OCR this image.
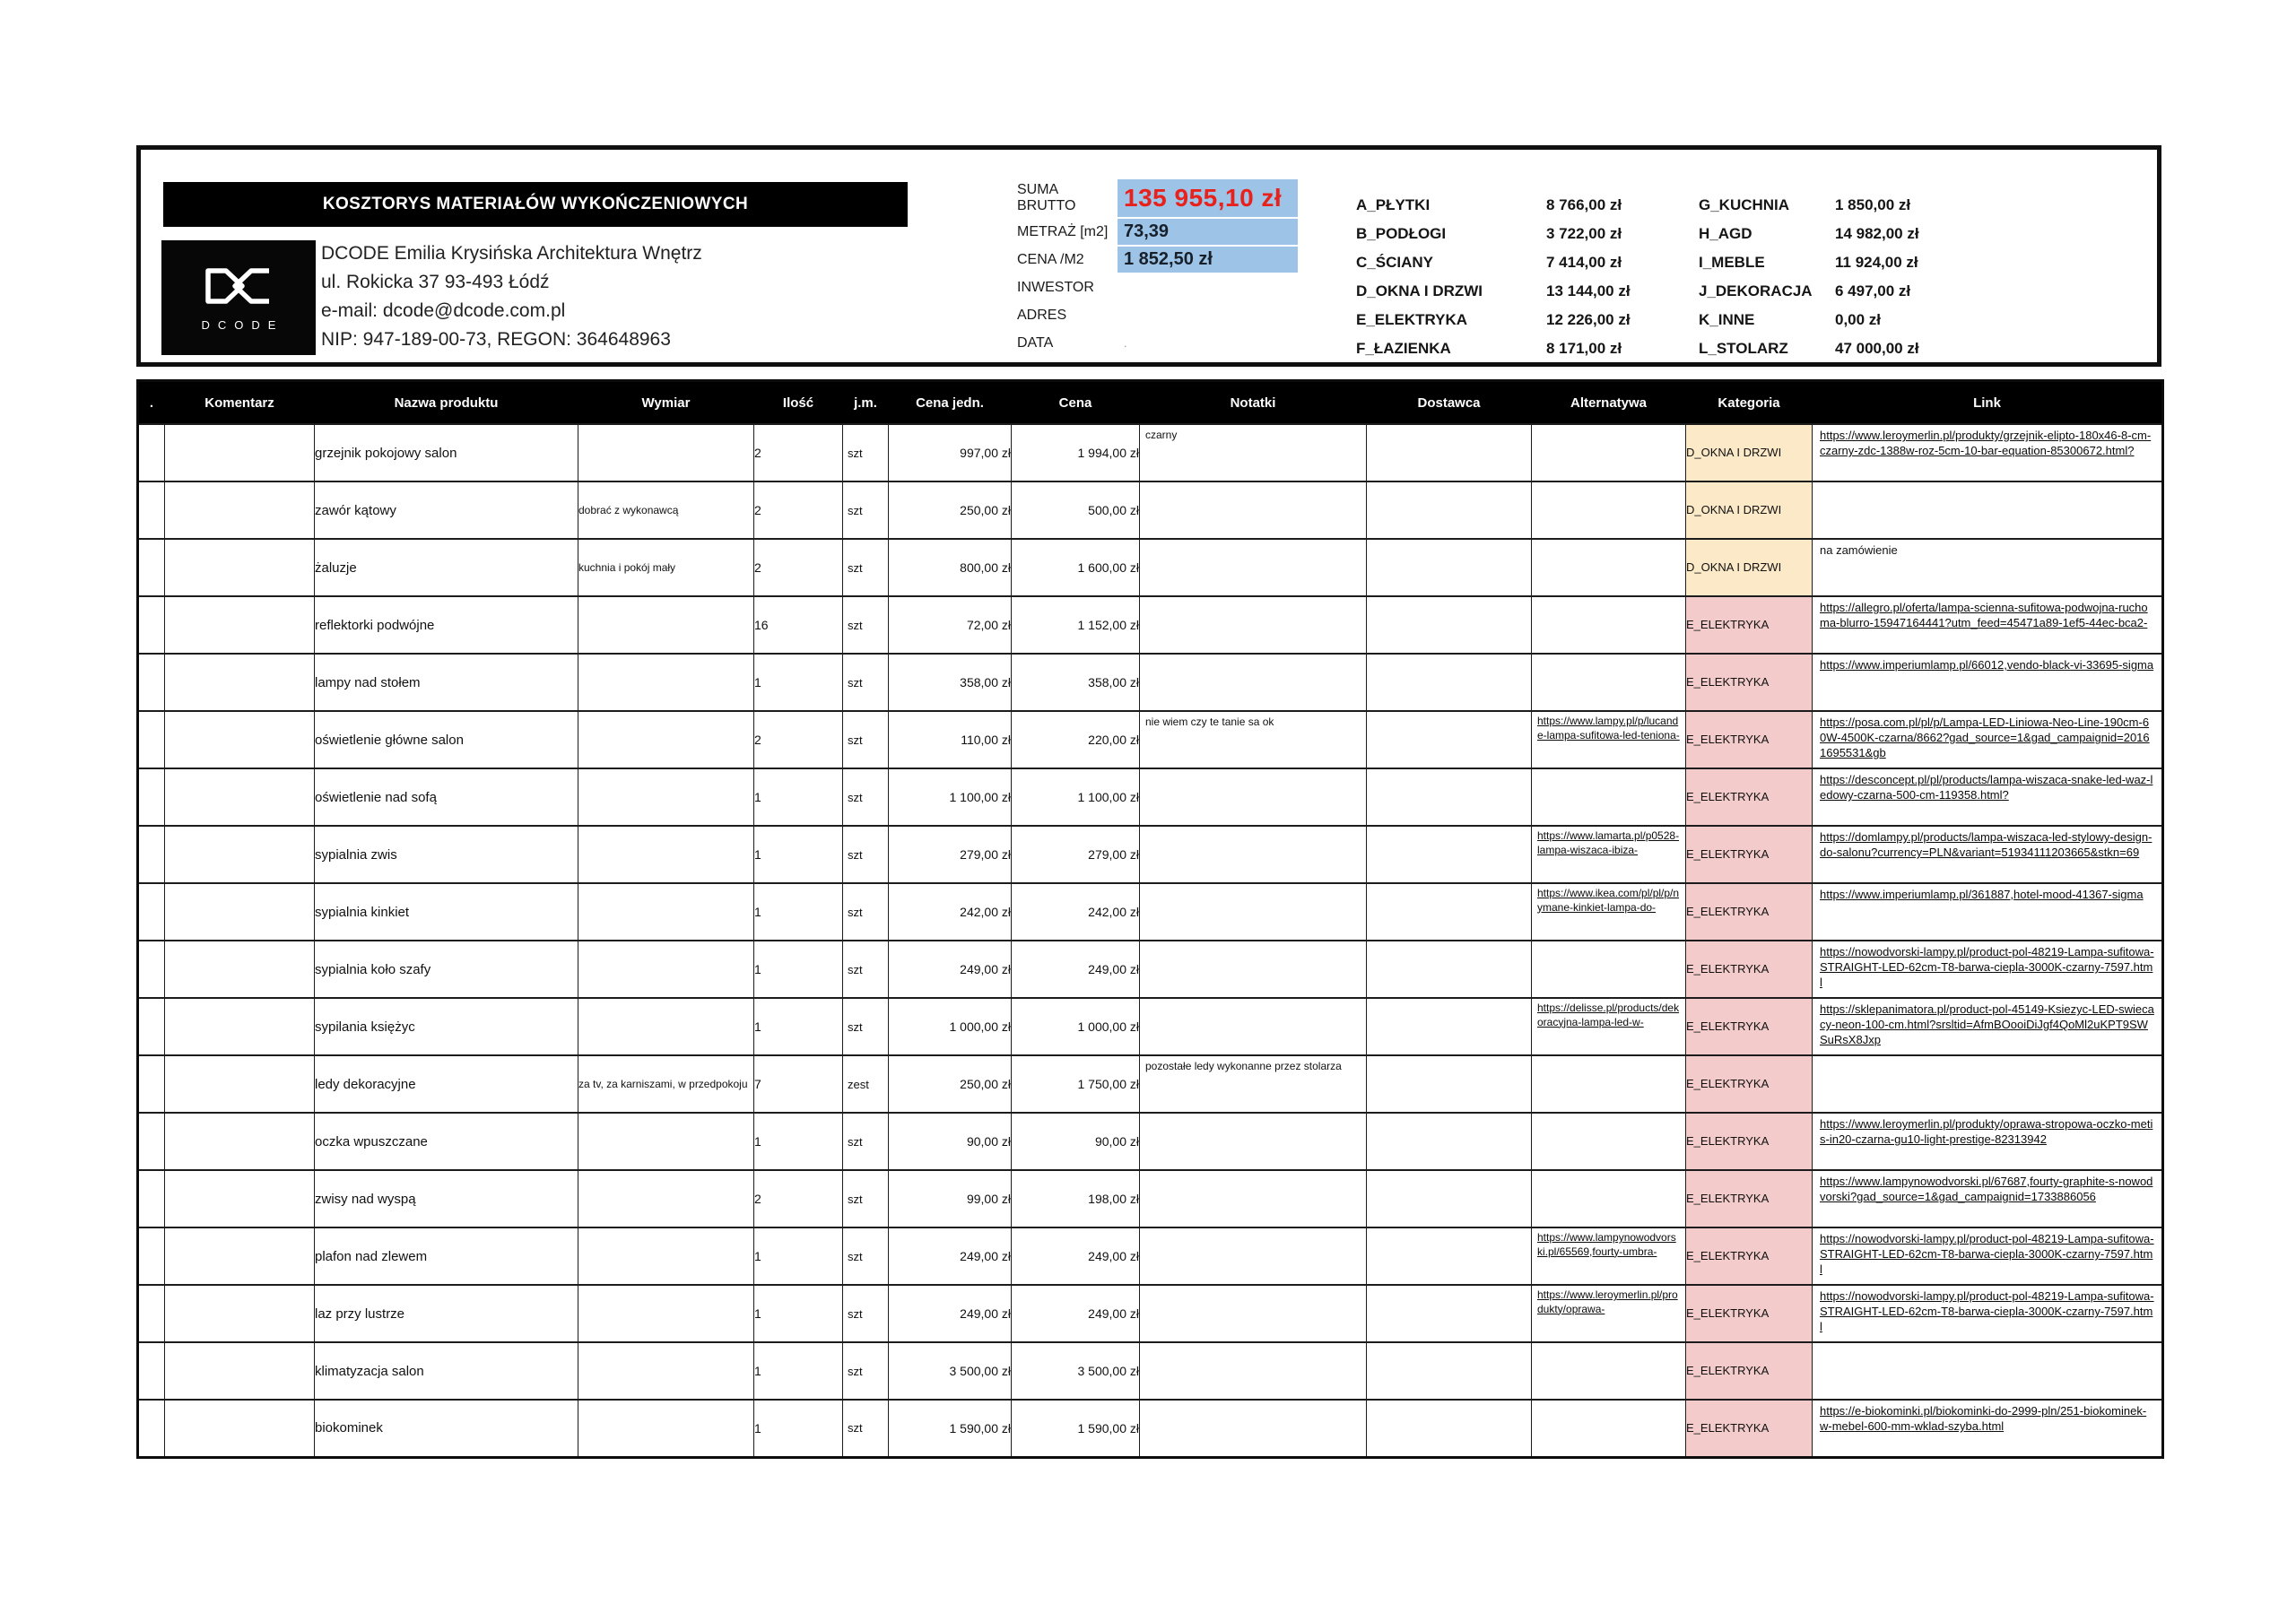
KOSZTORYS MATERIAŁÓW WYKOŃCZENIOWYCH
DCODE
DCODE Emilia Krysińska Architektura Wnętrz
ul. Rokicka 37 93-493 Łódź
e-mail: dcode@dcode.com.pl
NIP: 947-189-00-73, REGON: 364648963
SUMA BRUTTO	135 955,10 zł
METRAŻ [m2] 73,39
CENA /M2	1 852,50 zł
INWESTOR
ADRES
DATA	.
A_PŁYTKI	8 766,00 zł	G_KUCHNIA	1 850,00 zł
B_PODŁOGI	3 722,00 zł	H_AGD	14 982,00 zł
C_ŚCIANY	7 414,00 zł	I_MEBLE	11 924,00 zł
D_OKNA I DRZWI	13 144,00 zł	J_DEKORACJA	6 497,00 zł
E_ELEKTRYKA	12 226,00 zł	K_INNE	0,00 zł
F_ŁAZIENKA	8 171,00 zł	L_STOLARZ	47 000,00 zł
.	Komentarz	Nazwa produktu	Wymiar	Ilość	j.m.	Cena jedn.	Cena	Notatki	Dostawca	Alternatywa	Kategoria	Link
		grzejnik pokojowy salon		2	szt	997,00 zł	1 994,00 zł	czarny			D_OKNA I DRZWI	https://www.leroymerlin.pl/produkty/grzejnik-elipto-180x46-8-cm-czarny-zdc-1388w-roz-5cm-10-bar-equation-85300672.html?

		zawór kątowy	dobrać z wykonawcą	2	szt	250,00 zł	500,00 zł				D_OKNA I DRZWI	

		żaluzje	kuchnia i pokój mały	2	szt	800,00 zł	1 600,00 zł				D_OKNA I DRZWI	na zamówienie

		reflektorki podwójne		16	szt	72,00 zł	1 152,00 zł				E_ELEKTRYKA	https://allegro.pl/oferta/lampa-scienna-sufitowa-podwojna-ruchoma-blurro-15947164441?utm_feed=45471a89-1ef5-44ec-bca2-

		lampy nad stołem		1	szt	358,00 zł	358,00 zł				E_ELEKTRYKA	https://www.imperiumlamp.pl/66012,vendo-black-vi-33695-sigma

		oświetlenie główne salon		2	szt	110,00 zł	220,00 zł	nie wiem czy te tanie sa ok		https://www.lampy.pl/p/lucande-lampa-sufitowa-led-teniona-	E_ELEKTRYKA	https://posa.com.pl/pl/p/Lampa-LED-Liniowa-Neo-Line-190cm-60W-4500K-czarna/8662?gad_source=1&gad_campaignid=20161695531&gb

		oświetlenie nad sofą		1	szt	1 100,00 zł	1 100,00 zł				E_ELEKTRYKA	https://desconcept.pl/pl/products/lampa-wiszaca-snake-led-waz-ledowy-czarna-500-cm-119358.html?

		sypialnia zwis		1	szt	279,00 zł	279,00 zł			https://www.lamarta.pl/p0528-lampa-wiszaca-ibiza-	E_ELEKTRYKA	https://domlampy.pl/products/lampa-wiszaca-led-stylowy-design-do-salonu?currency=PLN&variant=51934111203665&stkn=69

		sypialnia kinkiet		1	szt	242,00 zł	242,00 zł			https://www.ikea.com/pl/pl/p/nymane-kinkiet-lampa-do-	E_ELEKTRYKA	https://www.imperiumlamp.pl/361887,hotel-mood-41367-sigma

		sypialnia koło szafy		1	szt	249,00 zł	249,00 zł				E_ELEKTRYKA	https://nowodvorski-lampy.pl/product-pol-48219-Lampa-sufitowa-STRAIGHT-LED-62cm-T8-barwa-ciepla-3000K-czarny-7597.html

		sypilania księżyc		1	szt	1 000,00 zł	1 000,00 zł			https://delisse.pl/products/dekoracyjna-lampa-led-w-	E_ELEKTRYKA	https://sklepanimatora.pl/product-pol-45149-Ksiezyc-LED-swiecacy-neon-100-cm.html?srsltid=AfmBOooiDiJgf4QoMl2uKPT9SWSuRsX8Jxp

		ledy dekoracyjne	za tv, za karniszami, w przedpokoju	7	zest	250,00 zł	1 750,00 zł	pozostałe ledy wykonanne przez stolarza			E_ELEKTRYKA	

		oczka wpuszczane		1	szt	90,00 zł	90,00 zł				E_ELEKTRYKA	https://www.leroymerlin.pl/produkty/oprawa-stropowa-oczko-metis-in20-czarna-gu10-light-prestige-82313942

		zwisy nad wyspą		2	szt	99,00 zł	198,00 zł				E_ELEKTRYKA	https://www.lampynowodvorski.pl/67687,fourty-graphite-s-nowodvorski?gad_source=1&gad_campaignid=1733886056

		plafon nad zlewem		1	szt	249,00 zł	249,00 zł			https://www.lampynowodvorski.pl/65569,fourty-umbra-	E_ELEKTRYKA	https://nowodvorski-lampy.pl/product-pol-48219-Lampa-sufitowa-STRAIGHT-LED-62cm-T8-barwa-ciepla-3000K-czarny-7597.html

		laz przy lustrze		1	szt	249,00 zł	249,00 zł			https://www.leroymerlin.pl/produkty/oprawa-	E_ELEKTRYKA	https://nowodvorski-lampy.pl/product-pol-48219-Lampa-sufitowa-STRAIGHT-LED-62cm-T8-barwa-ciepla-3000K-czarny-7597.html

		klimatyzacja salon		1	szt	3 500,00 zł	3 500,00 zł				E_ELEKTRYKA	

		biokominek		1	szt	1 590,00 zł	1 590,00 zł				E_ELEKTRYKA	https://e-biokominki.pl/biokominki-do-2999-pln/251-biokominek-w-mebel-600-mm-wklad-szyba.html
